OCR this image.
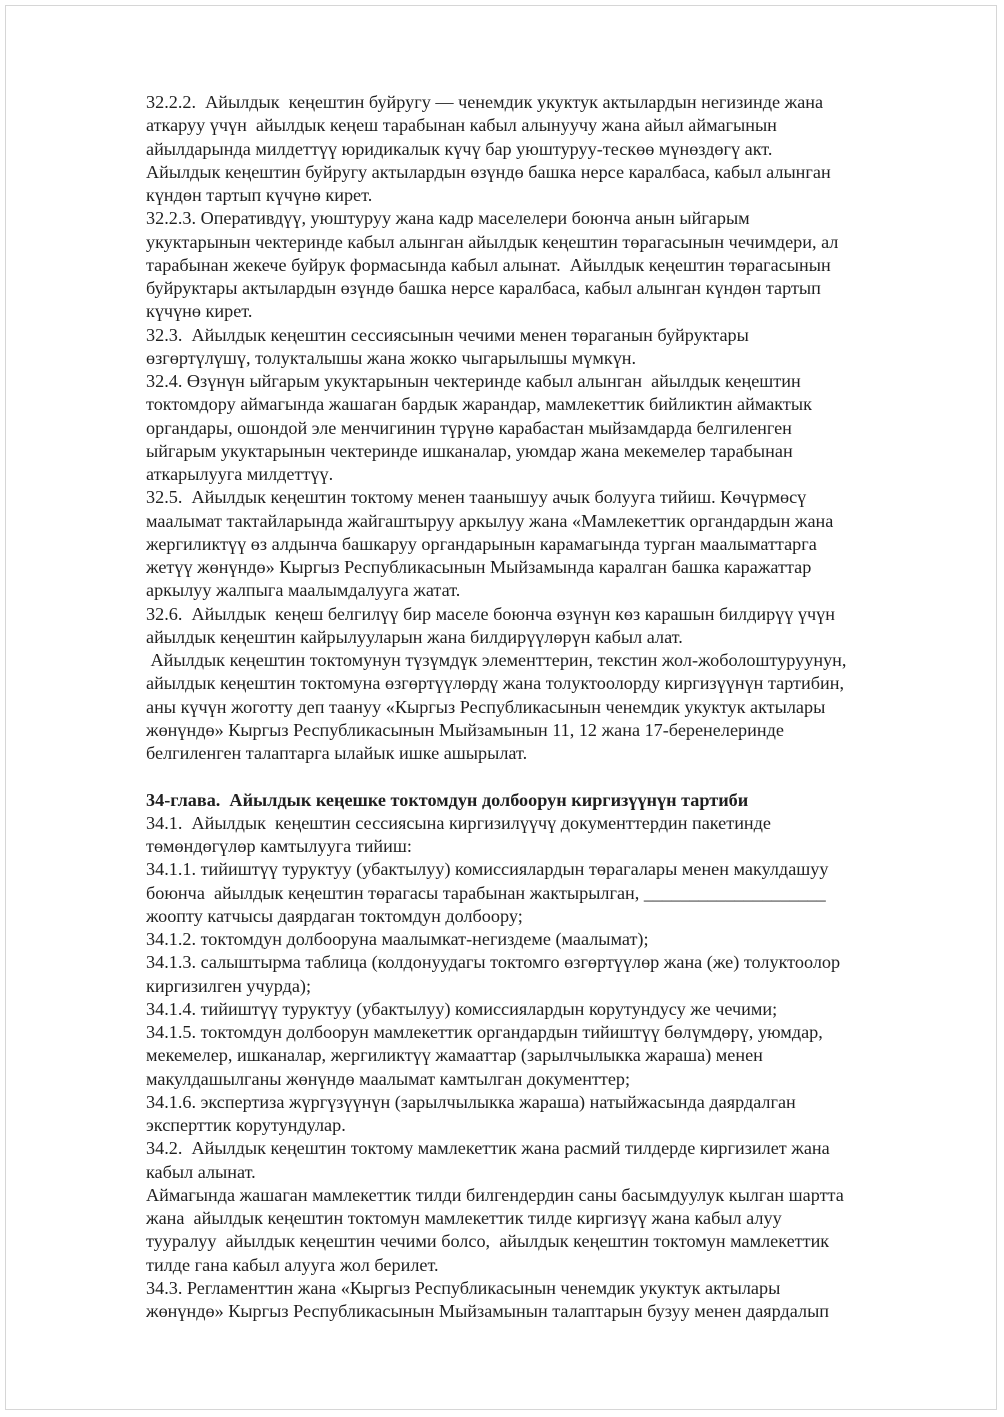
32.2.2.  Айылдык  кеңештин буйругу — ченемдик укуктук актылардын негизинде жана
аткаруу үчүн  айылдык кеңеш тарабынан кабыл алынуучу жана айыл аймагынын
айылдарында милдеттүү юридикалык күчү бар уюштуруу-тескөө мүнөздөгү акт.
Айылдык кеңештин буйругу актылардын өзүндө башка нерсе каралбаса, кабыл алынган
күндөн тартып күчүнө кирет.
32.2.3. Оперативдүү, уюштуруу жана кадр маселелери боюнча анын ыйгарым
укуктарынын чектеринде кабыл алынган айылдык кеңештин төрагасынын чечимдери, ал
тарабынан жекече буйрук формасында кабыл алынат.  Айылдык кеңештин төрагасынын
буйруктары актылардын өзүндө башка нерсе каралбаса, кабыл алынган күндөн тартып
күчүнө кирет.
32.3.  Айылдык кеңештин сессиясынын чечими менен төраганын буйруктары
өзгөртүлүшү, толукталышы жана жокко чыгарылышы мүмкүн.
32.4. Өзүнүн ыйгарым укуктарынын чектеринде кабыл алынган  айылдык кеңештин
токтомдору аймагында жашаган бардык жарандар, мамлекеттик бийликтин аймактык
органдары, ошондой эле менчигинин түрүнө карабастан мыйзамдарда белгиленген
ыйгарым укуктарынын чектеринде ишканалар, уюмдар жана мекемелер тарабынан
аткарылууга милдеттүү.
32.5.  Айылдык кеңештин токтому менен таанышуу ачык болууга тийиш. Көчүрмөсү
маалымат тактайларында жайгаштыруу аркылуу жана «Мамлекеттик органдардын жана
жергиликтүү өз алдынча башкаруу органдарынын карамагында турган маалыматтарга
жетүү жөнүндө» Кыргыз Республикасынын Мыйзамында каралган башка каражаттар
аркылуу жалпыга маалымдалууга жатат.
32.6.  Айылдык  кеңеш белгилүү бир маселе боюнча өзүнүн көз карашын билдирүү үчүн
айылдык кеңештин кайрылууларын жана билдирүүлөрүн кабыл алат.
Айылдык кеңештин токтомунун түзүмдүк элементтерин, текстин жол-жоболоштуруунун,
айылдык кеңештин токтомуна өзгөртүүлөрдү жана толуктоолорду киргизүүнүн тартибин,
аны күчүн жоготту деп таануу «Кыргыз Республикасынын ченемдик укуктук актылары
жөнүндө» Кыргыз Республикасынын Мыйзамынын 11, 12 жана 17-беренелеринде
белгиленген талаптарга ылайык ишке ашырылат.
34-глава.  Айылдык кеңешке токтомдун долбоорун киргизүүнүн тартиби
34.1.  Айылдык  кеңештин сессиясына киргизилүүчү документтердин пакетинде
төмөндөгүлөр камтылууга тийиш:
34.1.1. тийиштүү туруктуу (убактылуу) комиссиялардын төрагалары менен макулдашуу
боюнча  айылдык кеңештин төрагасы тарабынан жактырылган, ____________________
жоопту катчысы даярдаган токтомдун долбоору;
34.1.2. токтомдун долбооруна маалымкат-негиздеме (маалымат);
34.1.3. салыштырма таблица (колдонуудагы токтомго өзгөртүүлөр жана (же) толуктоолор
киргизилген учурда);
34.1.4. тийиштүү туруктуу (убактылуу) комиссиялардын корутундусу же чечими;
34.1.5. токтомдун долбоорун мамлекеттик органдардын тийиштүү бөлүмдөрү, уюмдар,
мекемелер, ишканалар, жергиликтүү жамааттар (зарылчылыкка жараша) менен
макулдашылганы жөнүндө маалымат камтылган документтер;
34.1.6. экспертиза жүргүзүүнүн (зарылчылыкка жараша) натыйжасында даярдалган
эксперттик корутундулар.
34.2.  Айылдык кеңештин токтому мамлекеттик жана расмий тилдерде киргизилет жана
кабыл алынат.
Аймагында жашаган мамлекеттик тилди билгендердин саны басымдуулук кылган шартта
жана  айылдык кеңештин токтомун мамлекеттик тилде киргизүү жана кабыл алуу
тууралуу  айылдык кеңештин чечими болсо,  айылдык кеңештин токтомун мамлекеттик
тилде гана кабыл алууга жол берилет.
34.3. Регламенттин жана «Кыргыз Республикасынын ченемдик укуктук актылары
жөнүндө» Кыргыз Республикасынын Мыйзамынын талаптарын бузуу менен даярдалып
